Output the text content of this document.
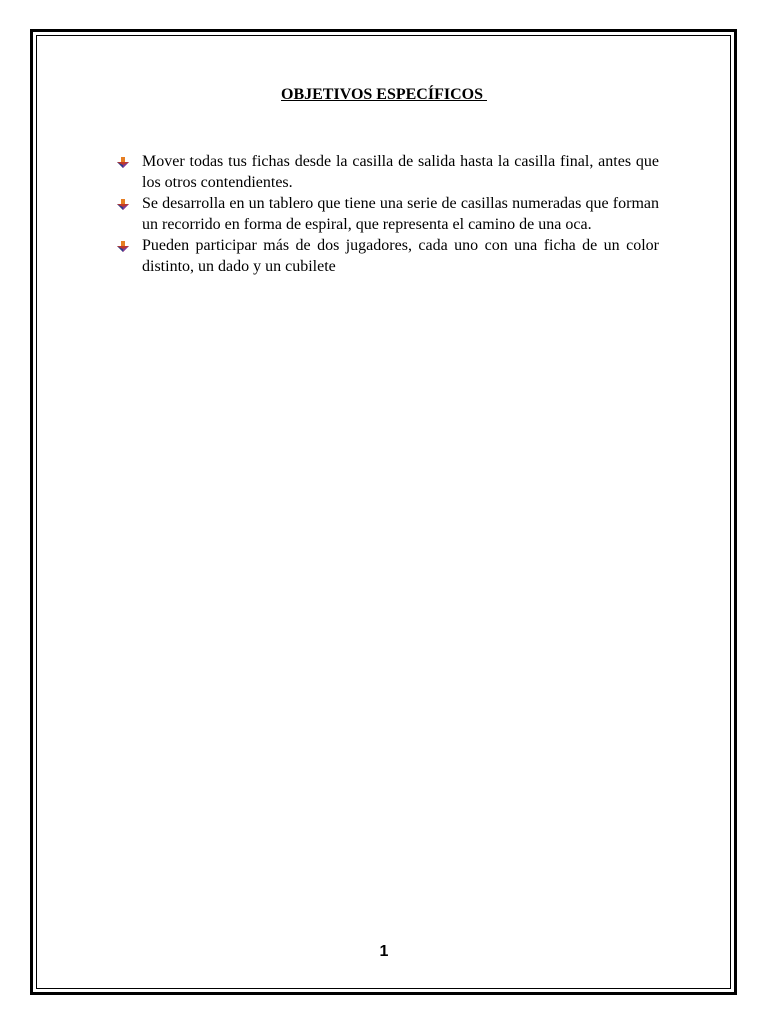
OBJETIVOS ESPECÍFICOS
Mover todas tus fichas desde la casilla de salida hasta la casilla final, antes que los otros contendientes.
Se desarrolla en un tablero que tiene una serie de casillas numeradas que forman un recorrido en forma de espiral, que representa el camino de una oca.
Pueden participar más de dos jugadores, cada uno con una ficha de un color distinto, un dado y un cubilete
1
